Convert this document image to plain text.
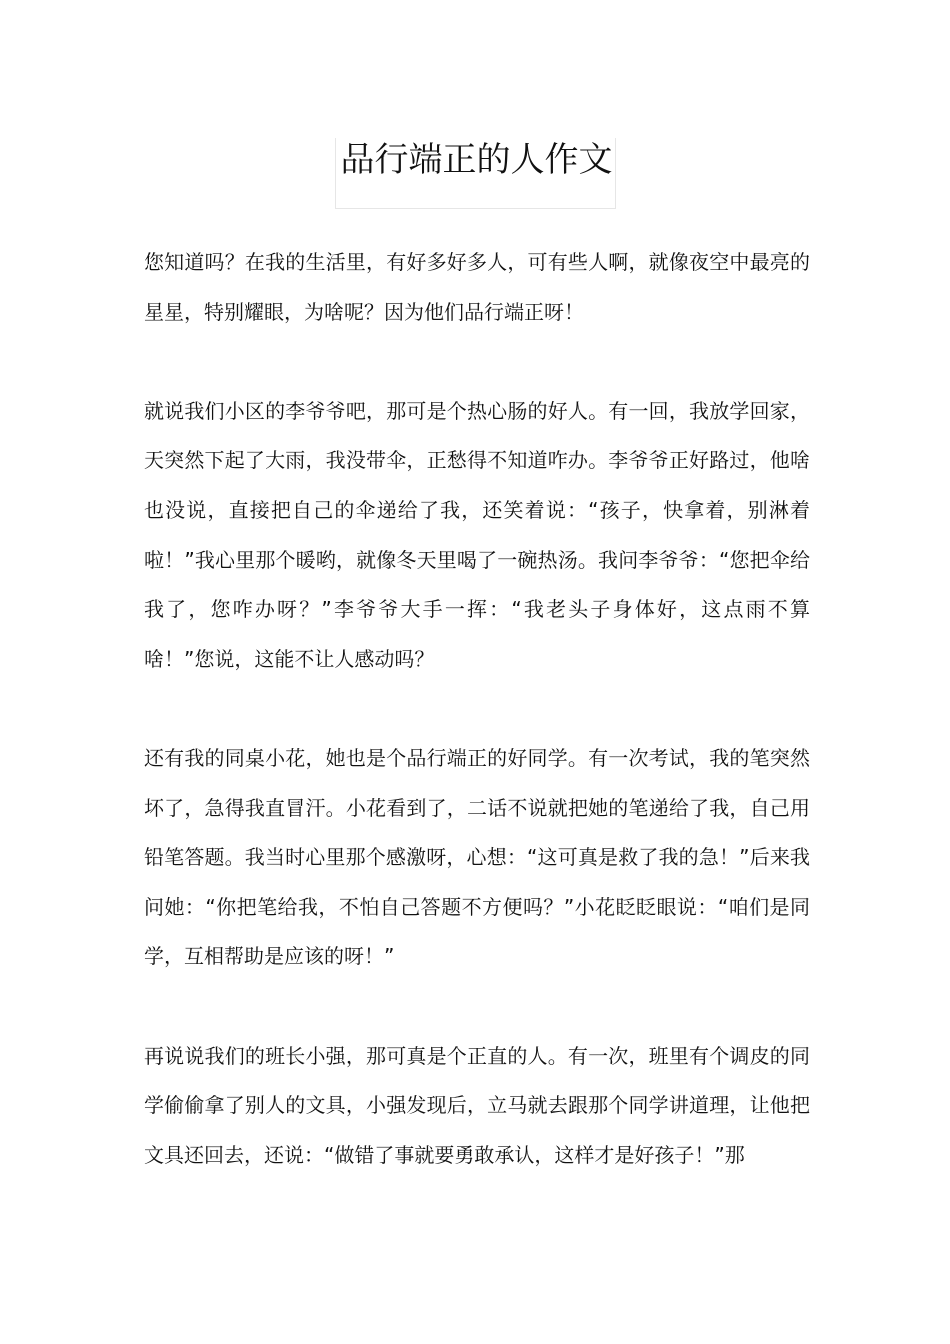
品行端正的人作文

您知道吗？在我的生活里，有好多好多人，可有些人啊，就像夜空中最亮的星星，特别耀眼，为啥呢？因为他们品行端正呀！

就说我们小区的李爷爷吧，那可是个热心肠的好人。有一回，我放学回家，天突然下起了大雨，我没带伞，正愁得不知道咋办。李爷爷正好路过，他啥也没说，直接把自己的伞递给了我，还笑着说：“孩子，快拿着，别淋着啦！”我心里那个暖哟，就像冬天里喝了一碗热汤。我问李爷爷：“您把伞给我了，您咋办呀？”李爷爷大手一挥：“我老头子身体好，这点雨不算啥！”您说，这能不让人感动吗？

还有我的同桌小花，她也是个品行端正的好同学。有一次考试，我的笔突然坏了，急得我直冒汗。小花看到了，二话不说就把她的笔递给了我，自己用铅笔答题。我当时心里那个感激呀，心想：“这可真是救了我的急！”后来我问她：“你把笔给我，不怕自己答题不方便吗？”小花眨眨眼说：“咱们是同学，互相帮助是应该的呀！”

再说说我们的班长小强，那可真是个正直的人。有一次，班里有个调皮的同学偷偷拿了别人的文具，小强发现后，立马就去跟那个同学讲道理，让他把文具还回去，还说：“做错了事就要勇敢承认，这样才是好孩子！”那
